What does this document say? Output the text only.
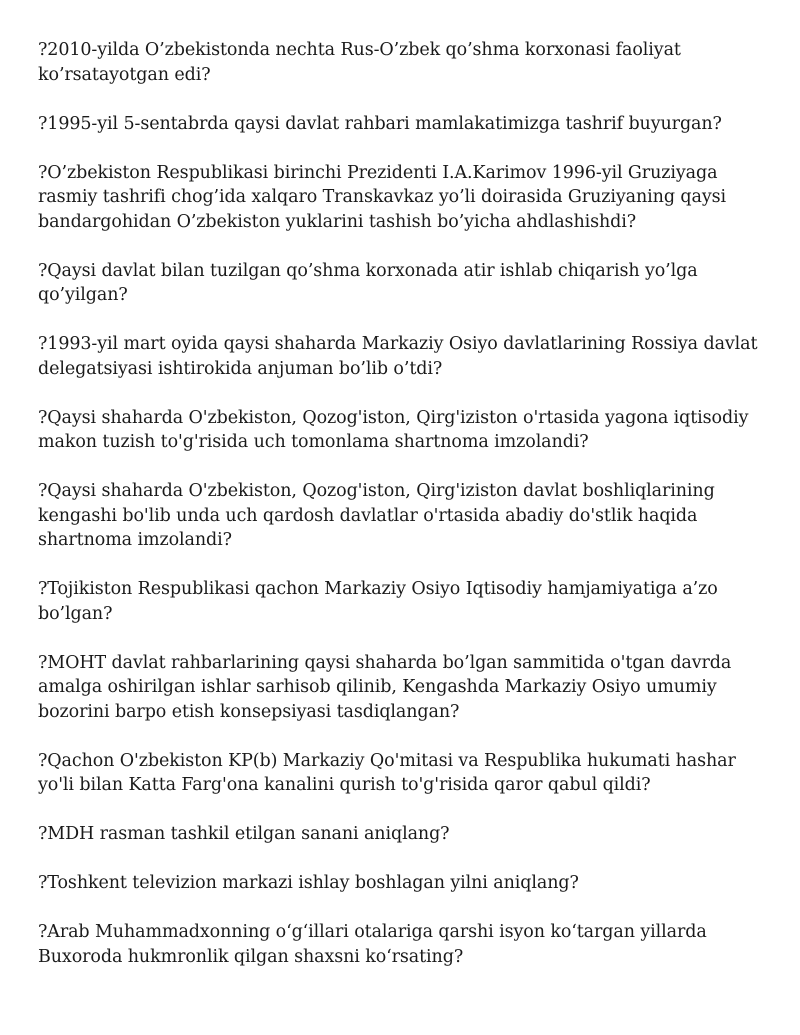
?2010-yilda O’zbekistonda nechta Rus-O’zbek qo’shma korxonasi faoliyat ko’rsatayotgan edi?

?1995-yil 5-sentabrda qaysi davlat rahbari mamlakatimizga tashrif buyurgan?

?O’zbekiston Respublikasi birinchi Prezidenti I.A.Karimov 1996-yil Gruziyaga rasmiy tashrifi chog’ida xalqaro Transkavkaz yo’li doirasida Gruziyaning qaysi bandargohidan O’zbekiston yuklarini tashish bo’yicha ahdlashishdi?

?Qaysi davlat bilan tuzilgan qo’shma korxonada atir ishlab chiqarish yo’lga qo’yilgan?

?1993-yil mart oyida qaysi shaharda Markaziy Osiyo davlatlarining Rossiya davlat delegatsiyasi ishtirokida anjuman bo’lib o’tdi?

?Qaysi shaharda O'zbekiston, Qozog'iston, Qirg'iziston o'rtasida yagona iqtisodiy makon tuzish to'g'risida uch tomonlama shartnoma imzolandi?

?Qaysi shaharda O'zbekiston, Qozog'iston, Qirg'iziston davlat boshliqlarining kengashi bo'lib unda uch qardosh davlatlar o'rtasida abadiy do'stlik haqida shartnoma imzolandi?

?Tojikiston Respublikasi qachon Markaziy Osiyo Iqtisodiy hamjamiyatiga a’zo bo’lgan?

?MOHT davlat rahbarlarining qaysi shaharda bo’lgan sammitida o'tgan davrda amalga oshirilgan ishlar sarhisob qilinib, Kengashda Markaziy Osiyo umumiy bozorini barpo etish konsepsiyasi tasdiqlangan?

?Qachon O'zbekiston KP(b) Markaziy Qo'mitasi va Respublika hukumati hashar yo'li bilan Katta Farg'ona kanalini qurish to'g'risida qaror qabul qildi?

?MDH rasman tashkil etilgan sanani aniqlang?

?Toshkent televizion markazi ishlay boshlagan yilni aniqlang?

?Arab Muhammadxonning o‘g‘illari otalariga qarshi isyon ko‘targan yillarda Buxoroda hukmronlik qilgan shaxsni ko‘rsating?
